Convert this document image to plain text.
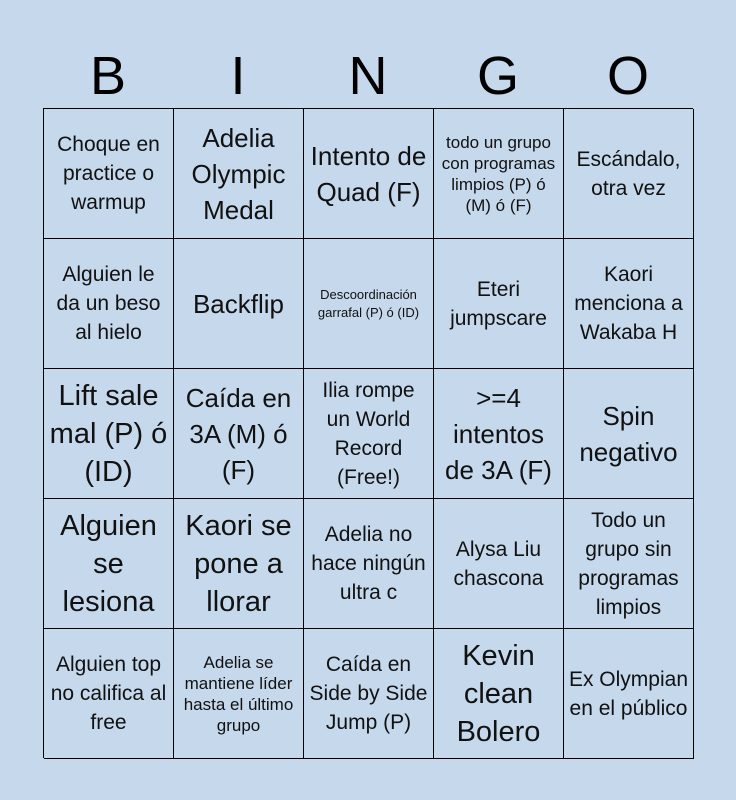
B	I	N	G	O
Choque en practice o warmup
Adelia Olympic Medal
Intento de Quad (F)
todo un grupo con programas limpios (P) ó (M) ó (F)
Escándalo, otra vez
Alguien le da un beso al hielo
Backflip	Descoordinación garrafal (P) ó (ID)
Eteri jumpscare
Kaori menciona a Wakaba H
Lift sale mal (P) ó (ID)
Caída en 3A (M) ó (F)
Ilia rompe un World Record (Free!)
>=4 intentos de 3A (F)
Spin negativo
Alguien se lesiona
Kaori se pone a llorar
Adelia no hace ningún ultra c
Alysa Liu chascona
Todo un grupo sin programas limpios
Alguien top no califica al free
Adelia se mantiene líder hasta el último grupo
Caída en Side by Side Jump (P)
Kevin clean Bolero
Ex Olympian en el público
